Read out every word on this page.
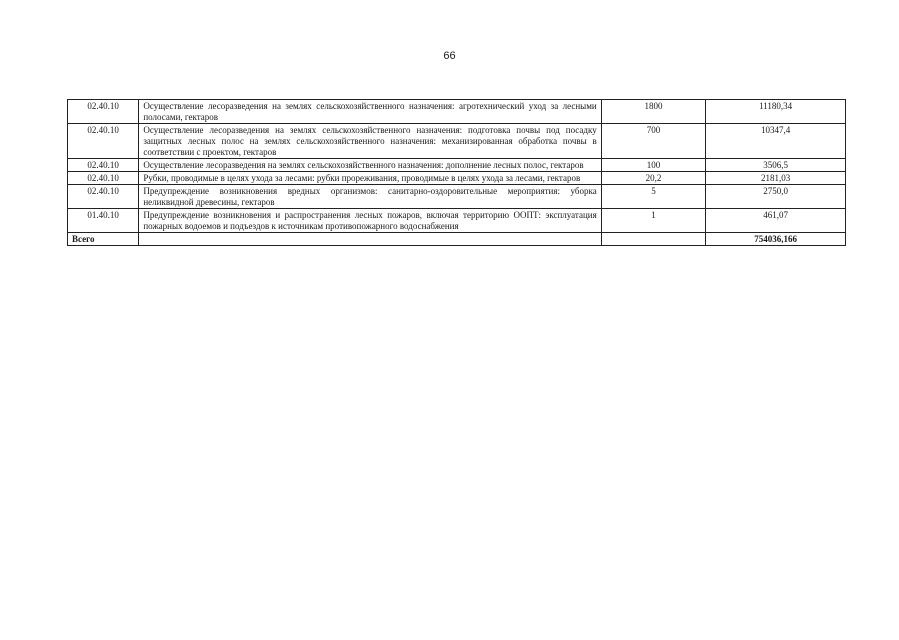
66
02.40.10	Осуществление лесоразведения на землях сельскохозяйственного назначения: агротехнический уход за лесными полосами, гектаров	1800	11180,34
02.40.10	Осуществление лесоразведения на землях сельскохозяйственного назначения: подготовка почвы под посадку защитных лесных полос на землях сельскохозяйственного назначения: механизированная обработка почвы в соответствии с проектом, гектаров	700	10347,4
02.40.10	Осуществление лесоразведения на землях сельскохозяйственного назначения: дополнение лесных полос, гектаров	100	3506,5
02.40.10	Рубки, проводимые в целях ухода за лесами: рубки прореживания, проводимые в целях ухода за лесами, гектаров	20,2	2181,03
02.40.10	Предупреждение возникновения вредных организмов: санитарно-оздоровительные мероприятия: уборка неликвидной древесины, гектаров	5	2750,0
01.40.10	Предупреждение возникновения и распространения лесных пожаров, включая территорию ООПТ: эксплуатация пожарных водоемов и подъездов к источникам противопожарного водоснабжения	1	461,07
Всего			754036,166
